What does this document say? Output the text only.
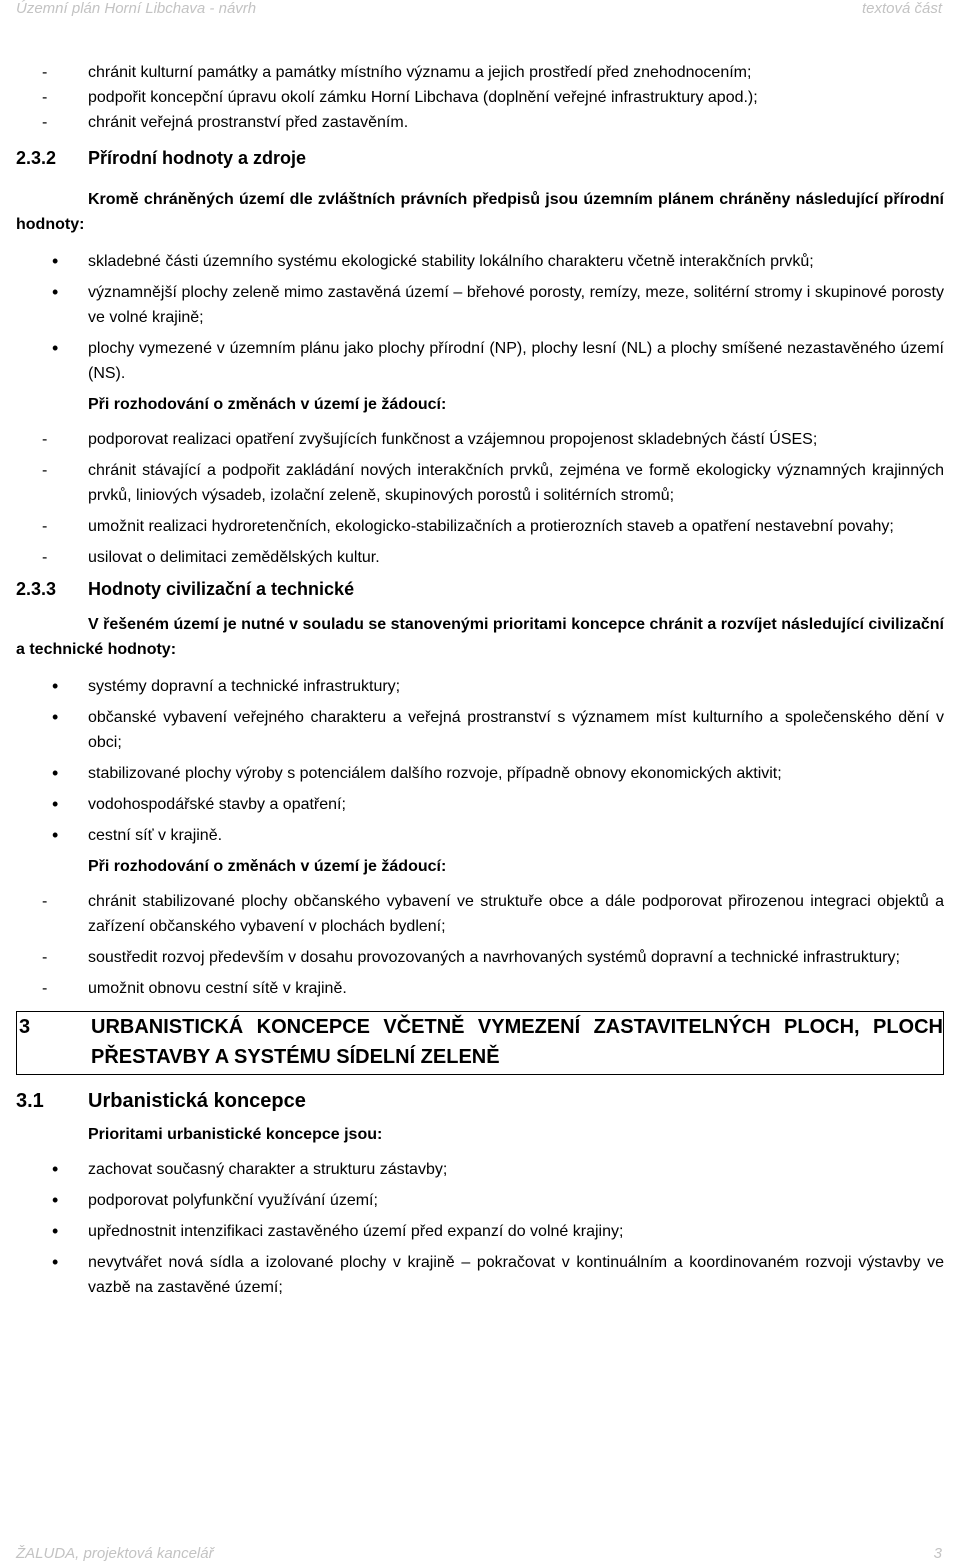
Územní plán Horní Libchava - návrh	textová část
- chránit kulturní památky a památky místního významu a jejich prostředí před znehodnocením;
- podpořit koncepční úpravu okolí zámku Horní Libchava (doplnění veřejné infrastruktury apod.);
- chránit veřejná prostranství před zastavěním.
2.3.2 Přírodní hodnoty a zdroje

Kromě chráněných území dle zvláštních právních předpisů jsou územním plánem chráněny následující přírodní hodnoty:

• skladebné části územního systému ekologické stability lokálního charakteru včetně interakčních prvků;
• významnější plochy zeleně mimo zastavěná území – břehové porosty, remízy, meze, solitérní stromy i skupinové porosty ve volné krajině;
• plochy vymezené v územním plánu jako plochy přírodní (NP), plochy lesní (NL) a plochy smíšené nezastavěného území (NS).

Při rozhodování o změnách v území je žádoucí:

- podporovat realizaci opatření zvyšujících funkčnost a vzájemnou propojenost skladebných částí ÚSES;
- chránit stávající a podpořit zakládání nových interakčních prvků, zejména ve formě ekologicky významných krajinných prvků, liniových výsadeb, izolační zeleně, skupinových porostů i solitérních stromů;
- umožnit realizaci hydroretenčních, ekologicko-stabilizačních a protierozních staveb a opatření nestavební povahy;
- usilovat o delimitaci zemědělských kultur.
2.3.3 Hodnoty civilizační a technické

V řešeném území je nutné v souladu se stanovenými prioritami koncepce chránit a rozvíjet následující civilizační a technické hodnoty:

• systémy dopravní a technické infrastruktury;
• občanské vybavení veřejného charakteru a veřejná prostranství s významem míst kulturního a společenského dění v obci;
• stabilizované plochy výroby s potenciálem dalšího rozvoje, případně obnovy ekonomických aktivit;
• vodohospodářské stavby a opatření;
• cestní síť v krajině.

Při rozhodování o změnách v území je žádoucí:

- chránit stabilizované plochy občanského vybavení ve struktuře obce a dále podporovat přirozenou integraci objektů a zařízení občanského vybavení v plochách bydlení;
- soustředit rozvoj především v dosahu provozovaných a navrhovaných systémů dopravní a technické infrastruktury;
- umožnit obnovu cestní sítě v krajině.
3	URBANISTICKÁ KONCEPCE VČETNĚ VYMEZENÍ ZASTAVITELNÝCH PLOCH, PLOCH PŘESTAVBY A SYSTÉMU SÍDELNÍ ZELENĚ
3.1 Urbanistická koncepce

Prioritami urbanistické koncepce jsou:

• zachovat současný charakter a strukturu zástavby;
• podporovat polyfunkční využívání území;
• upřednostnit intenzifikaci zastavěného území před expanzí do volné krajiny;
• nevytvářet nová sídla a izolované plochy v krajině – pokračovat v kontinuálním a koordinovaném rozvoji výstavby ve vazbě na zastavěné území;
ŽALUDA, projektová kancelář	3
